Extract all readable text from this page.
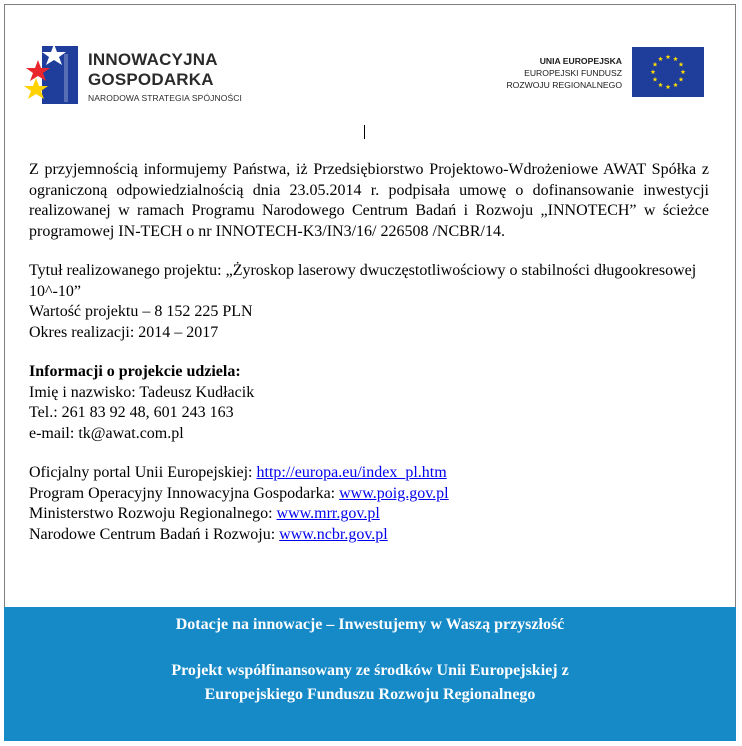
INNOWACYJNA
GOSPODARKA
NARODOWA STRATEGIA SPÓJNOŚCI
UNIA EUROPEJSKA
EUROPEJSKI FUNDUSZ
ROZWOJU REGIONALNEGO

Z przyjemnością informujemy Państwa, iż Przedsiębiorstwo Projektowo-Wdrożeniowe AWAT Spółka z ograniczoną odpowiedzialnością dnia 23.05.2014 r. podpisała umowę o dofinansowanie inwestycji realizowanej w ramach Programu Narodowego Centrum Badań i Rozwoju „INNOTECH” w ścieżce programowej IN-TECH o nr INNOTECH-K3/IN3/16/ 226508 /NCBR/14.

Tytuł realizowanego projektu: „Żyroskop laserowy dwuczęstotliwościowy o stabilności długookresowej 10^-10”

Wartość projektu – 8 152 225 PLN

Okres realizacji: 2014 – 2017

Informacji o projekcie udziela:

Imię i nazwisko: Tadeusz Kudłacik

Tel.: 261 83 92 48, 601 243 163

e-mail: tk@awat.com.pl

Oficjalny portal Unii Europejskiej: http://europa.eu/index_pl.htm

Program Operacyjny Innowacyjna Gospodarka: www.poig.gov.pl

Ministerstwo Rozwoju Regionalnego: www.mrr.gov.pl

Narodowe Centrum Badań i Rozwoju: www.ncbr.gov.pl

Dotacje na innowacje – Inwestujemy w Waszą przyszłość
Projekt współfinansowany ze środków Unii Europejskiej z
Europejskiego Funduszu Rozwoju Regionalnego
